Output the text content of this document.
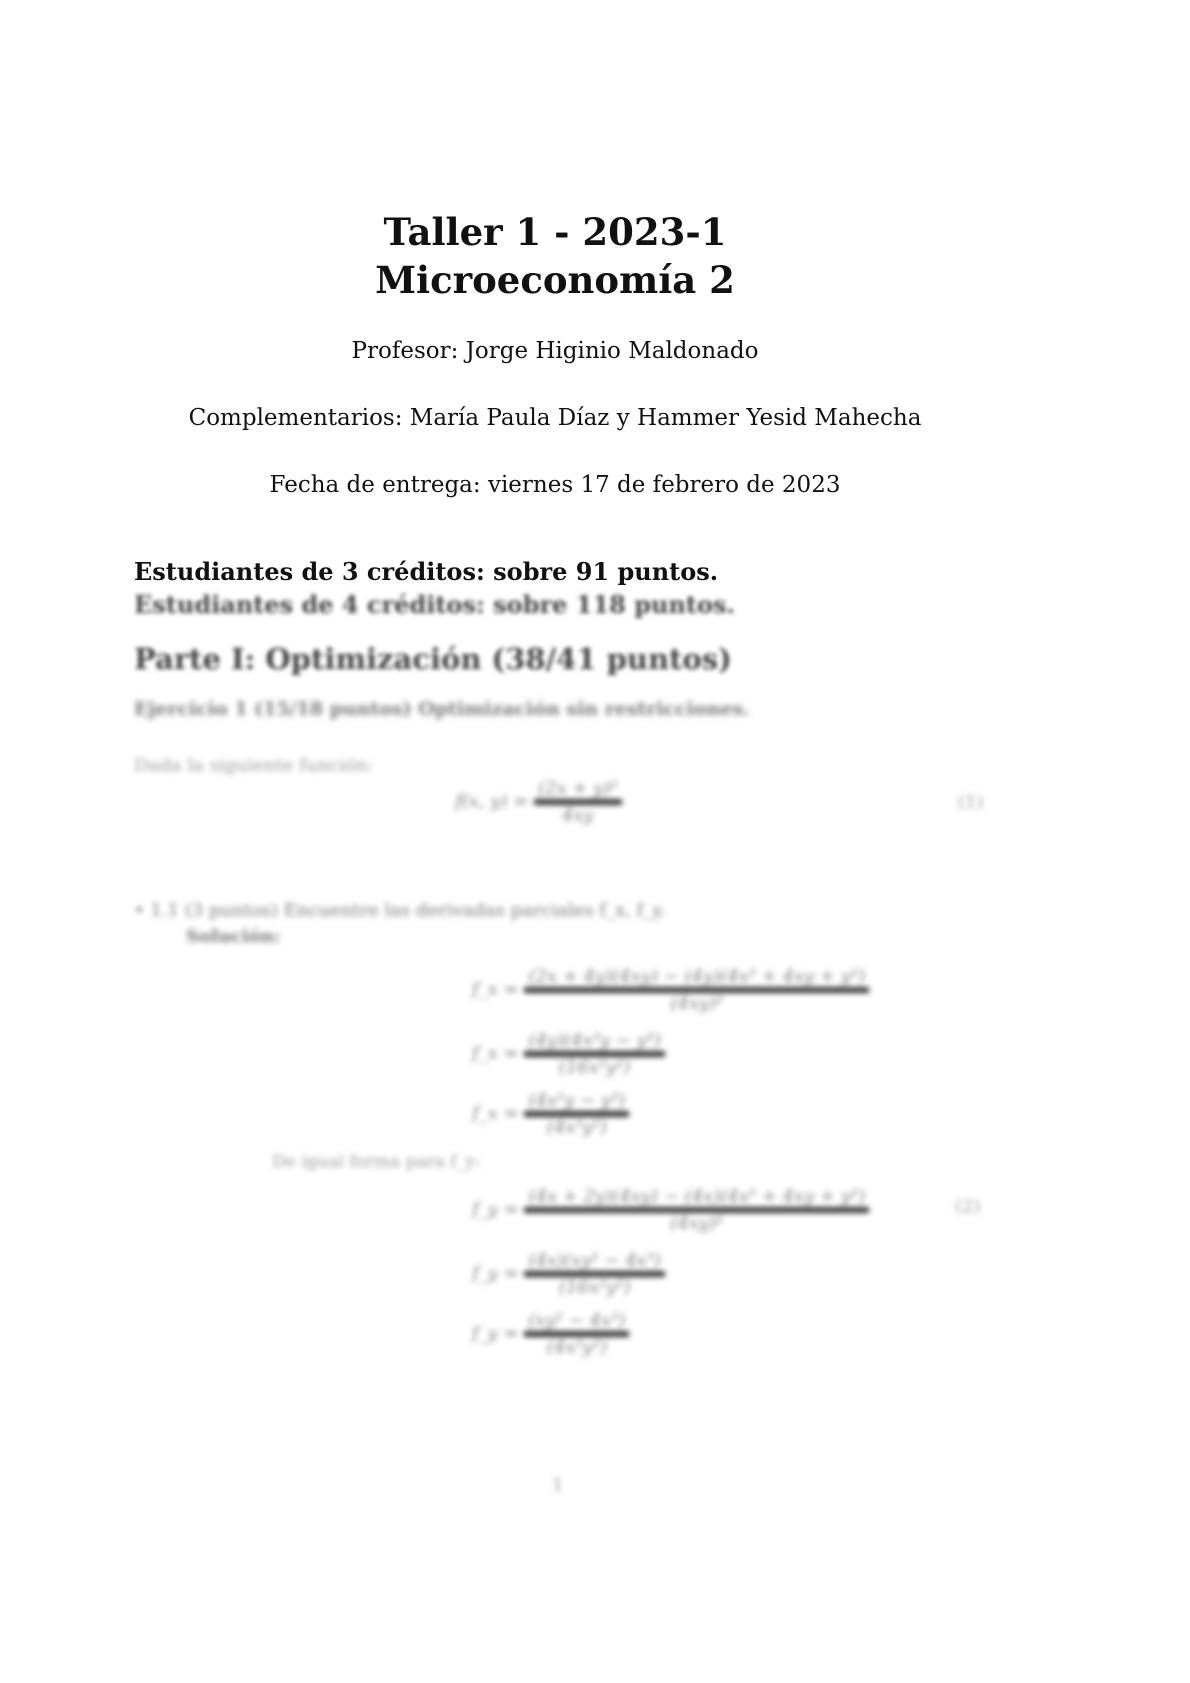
Taller 1 - 2023-1
Microeconomía 2
Profesor: Jorge Higinio Maldonado
Complementarios: María Paula Díaz y Hammer Yesid Mahecha
Fecha de entrega: viernes 17 de febrero de 2023
Estudiantes de 3 créditos: sobre 91 puntos.
Estudiantes de 4 créditos: sobre 118 puntos.
Parte I: Optimización (38/41 puntos)
Ejercicio 1 (15/18 puntos) Optimización sin restricciones.
Dada la siguiente función:
f(x, $y) = \frac{\text{(2x + y)²}}{4xy}$	(1)
• 1.1 (3 puntos) Encuentre las derivadas parciales f_x, f_y.
Solución:
f_x = $\frac{\text{(2x + 4y)(4xy) − (4y)(4x² + 4xy + y²)}}{\text{(4xy)²}}$
f_x = $\frac{\text{(4y)(4x²y − y³)}}{\text{(16x²y²)}}$
f_x = $\frac{\text{(4x²y − y³)}}{\text{(4x²y²)}}$
De igual forma para f_y:
f_y = $\frac{\text{(4x + 2y)(4xy) − (4x)(4x² + 4xy + y²)}}{\text{(4xy)²}}$	(2)
f_y = $\frac{\text{(4x)(xy² − 4x³)}}{\text{(16x²y²)}}$
f_y = $\frac{\text{(xy² − 4x³)}}{\text{(4x²y²)}}$
1
